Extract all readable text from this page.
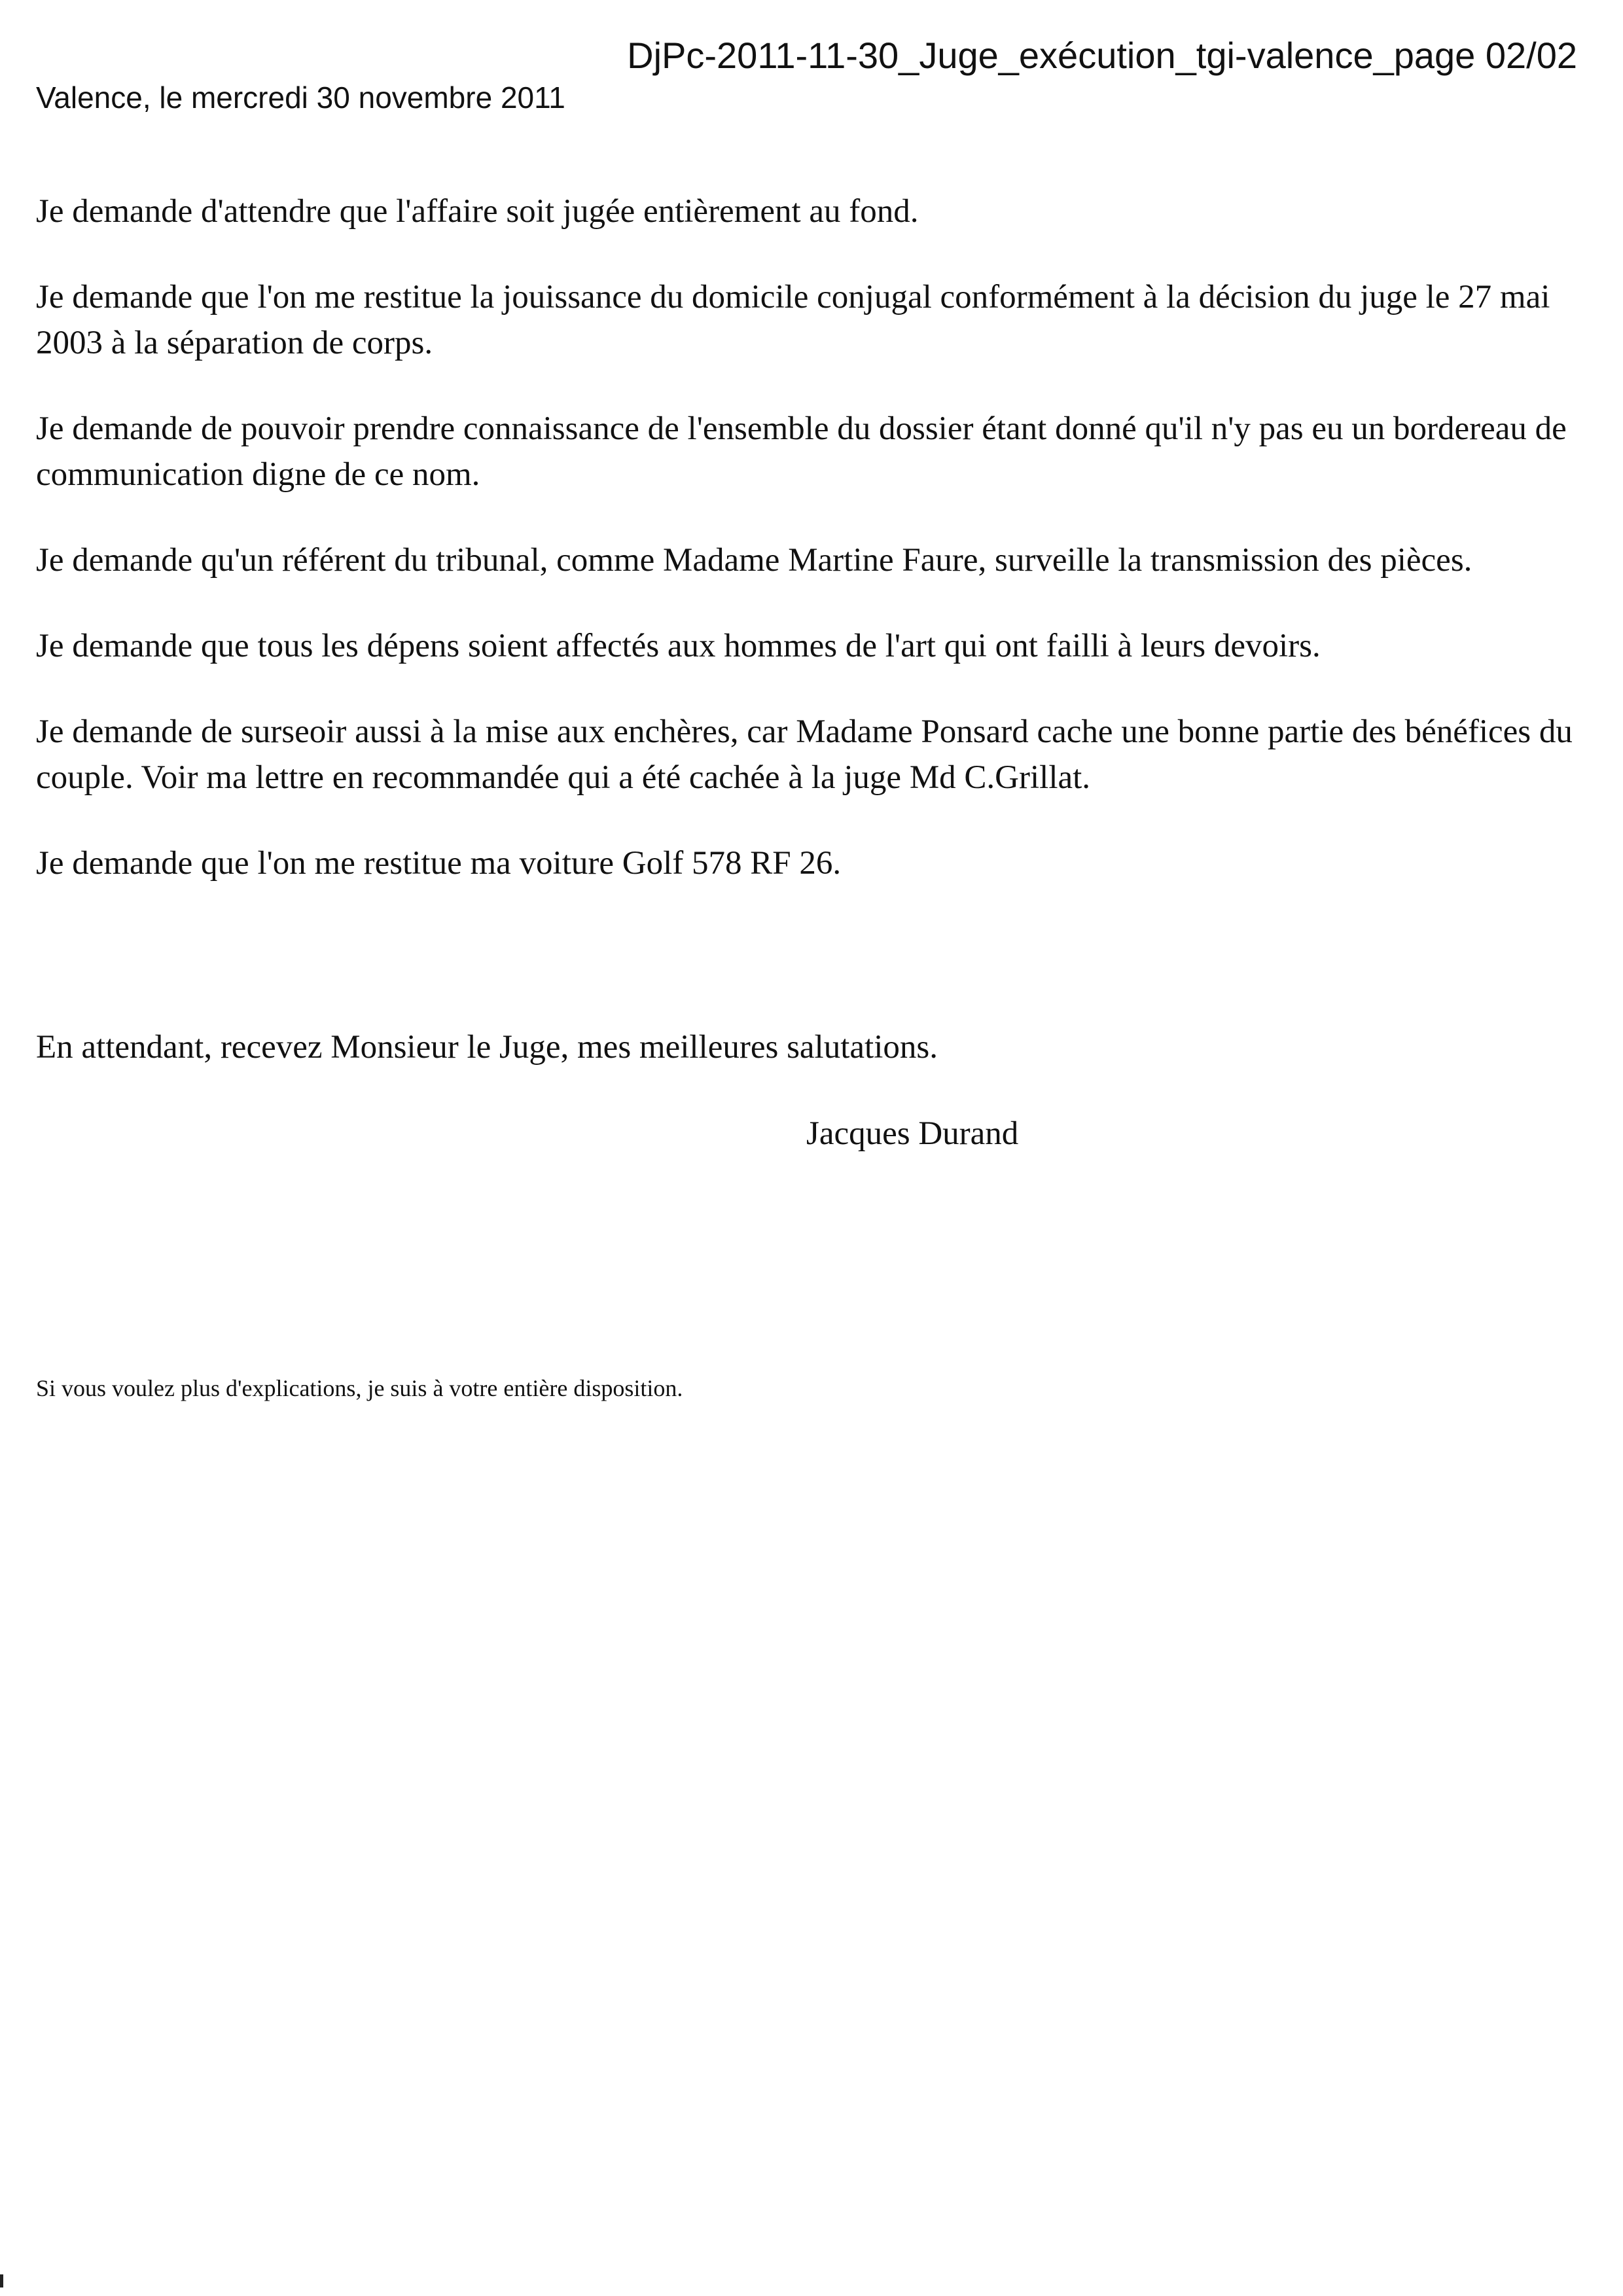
DjPc-2011-11-30_Juge_exécution_tgi-valence_page 02/02
Valence, le mercredi 30 novembre 2011

Je demande d'attendre que l'affaire soit jugée entièrement au fond.

Je demande que l'on me restitue la jouissance du domicile conjugal conformément à la décision du juge le 27 mai 2003 à la séparation de corps.

Je demande de pouvoir prendre connaissance de l'ensemble du dossier étant donné qu'il n'y pas eu un bordereau de communication digne de ce nom.

Je demande qu'un référent du tribunal, comme Madame Martine Faure, surveille la transmission des pièces.

Je demande que tous les dépens soient affectés aux hommes de l'art qui ont failli à leurs devoirs.

Je demande de surseoir aussi à la mise aux enchères, car Madame Ponsard cache une bonne partie des bénéfices du couple. Voir ma lettre en recommandée qui a été cachée à la juge Md C.Grillat.

Je demande que l'on me restitue ma voiture Golf 578 RF 26.

En attendant, recevez Monsieur le Juge, mes meilleures salutations.
Jacques Durand
Si vous voulez plus d'explications, je suis à votre entière disposition.
